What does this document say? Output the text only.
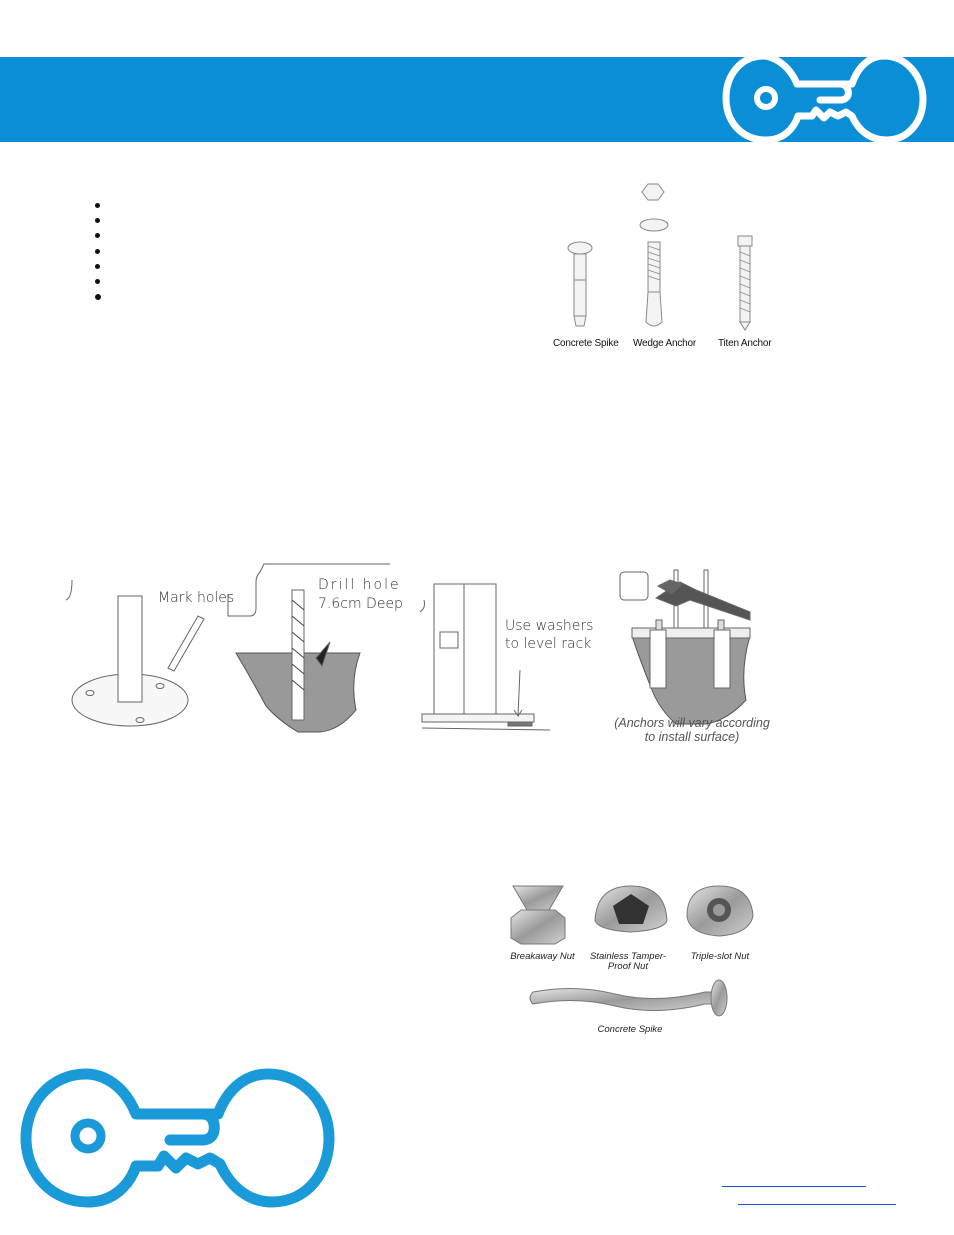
Concrete Spike Wedge Anchor Titen Anchor
Mark holes
Drill hole
7.6cm Deep
Use washers
to level rack
(Anchors will vary according
to install surface)
Breakaway Nut	Stainless Tamper-
Proof Nut
Triple-slot Nut
Concrete Spike
